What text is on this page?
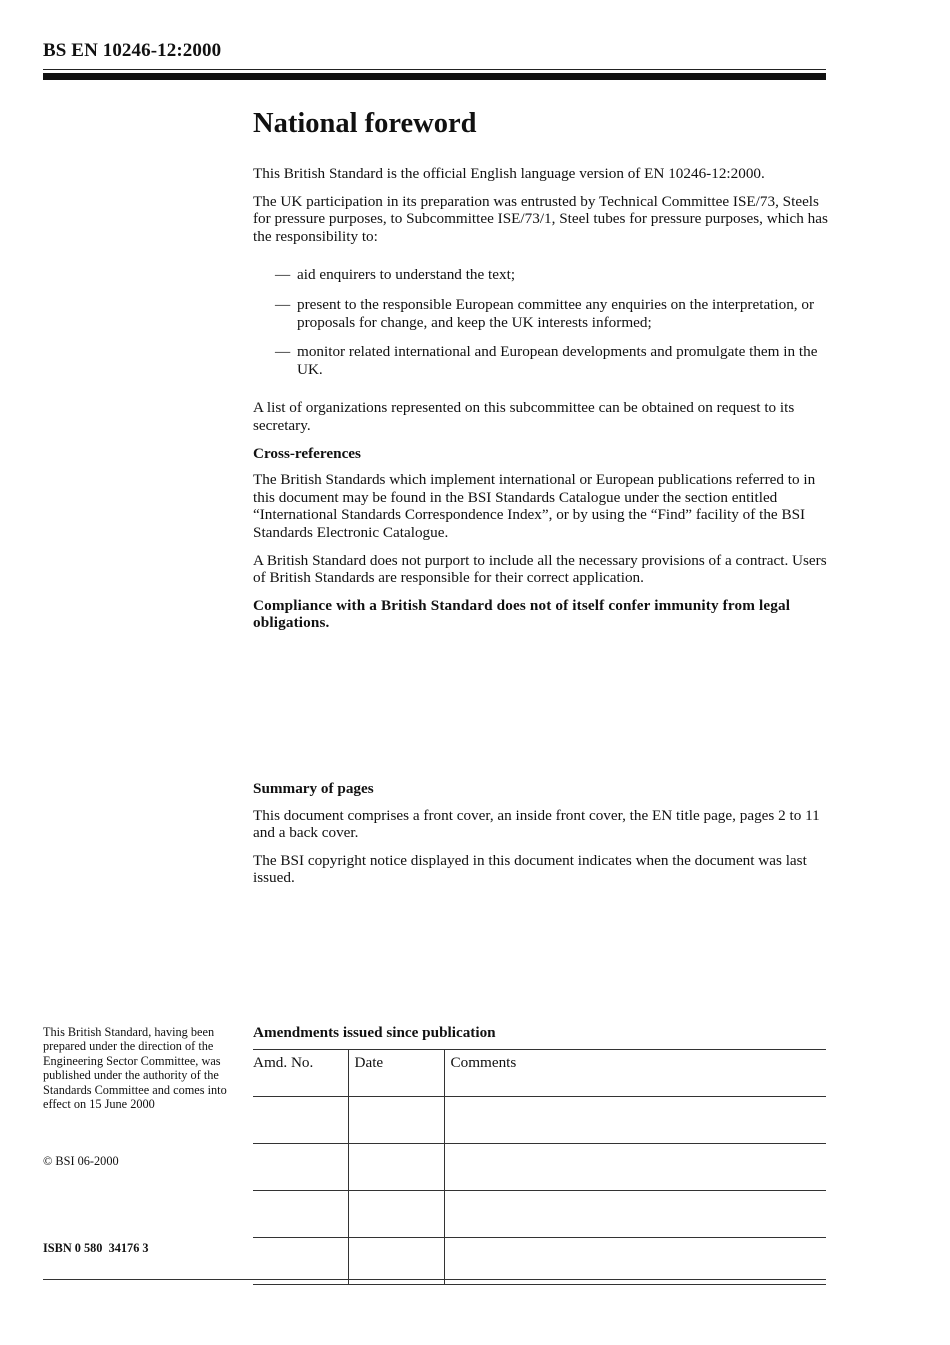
BS EN 10246-12:2000
National foreword

This British Standard is the official English language version of EN 10246-12:2000.

The UK participation in its preparation was entrusted by Technical Committee ISE/73, Steels for pressure purposes, to Subcommittee ISE/73/1, Steel tubes for pressure purposes, which has the responsibility to:

— aid enquirers to understand the text;
— present to the responsible European committee any enquiries on the interpretation, or proposals for change, and keep the UK interests informed;
— monitor related international and European developments and promulgate them in the UK.

A list of organizations represented on this subcommittee can be obtained on request to its secretary.

Cross-references

The British Standards which implement international or European publications referred to in this document may be found in the BSI Standards Catalogue under the section entitled “International Standards Correspondence Index”, or by using the “Find” facility of the BSI Standards Electronic Catalogue.

A British Standard does not purport to include all the necessary provisions of a contract. Users of British Standards are responsible for their correct application.

Compliance with a British Standard does not of itself confer immunity from legal obligations.

Summary of pages

This document comprises a front cover, an inside front cover, the EN title page, pages 2 to 11 and a back cover.

The BSI copyright notice displayed in this document indicates when the document was last issued.

This British Standard, having been prepared under the direction of the Engineering Sector Committee, was published under the authority of the Standards Committee and comes into effect on 15 June 2000
© BSI 06-2000
ISBN 0 580  34176 3
Amendments issued since publication
Amd. No.	Date	Comments
